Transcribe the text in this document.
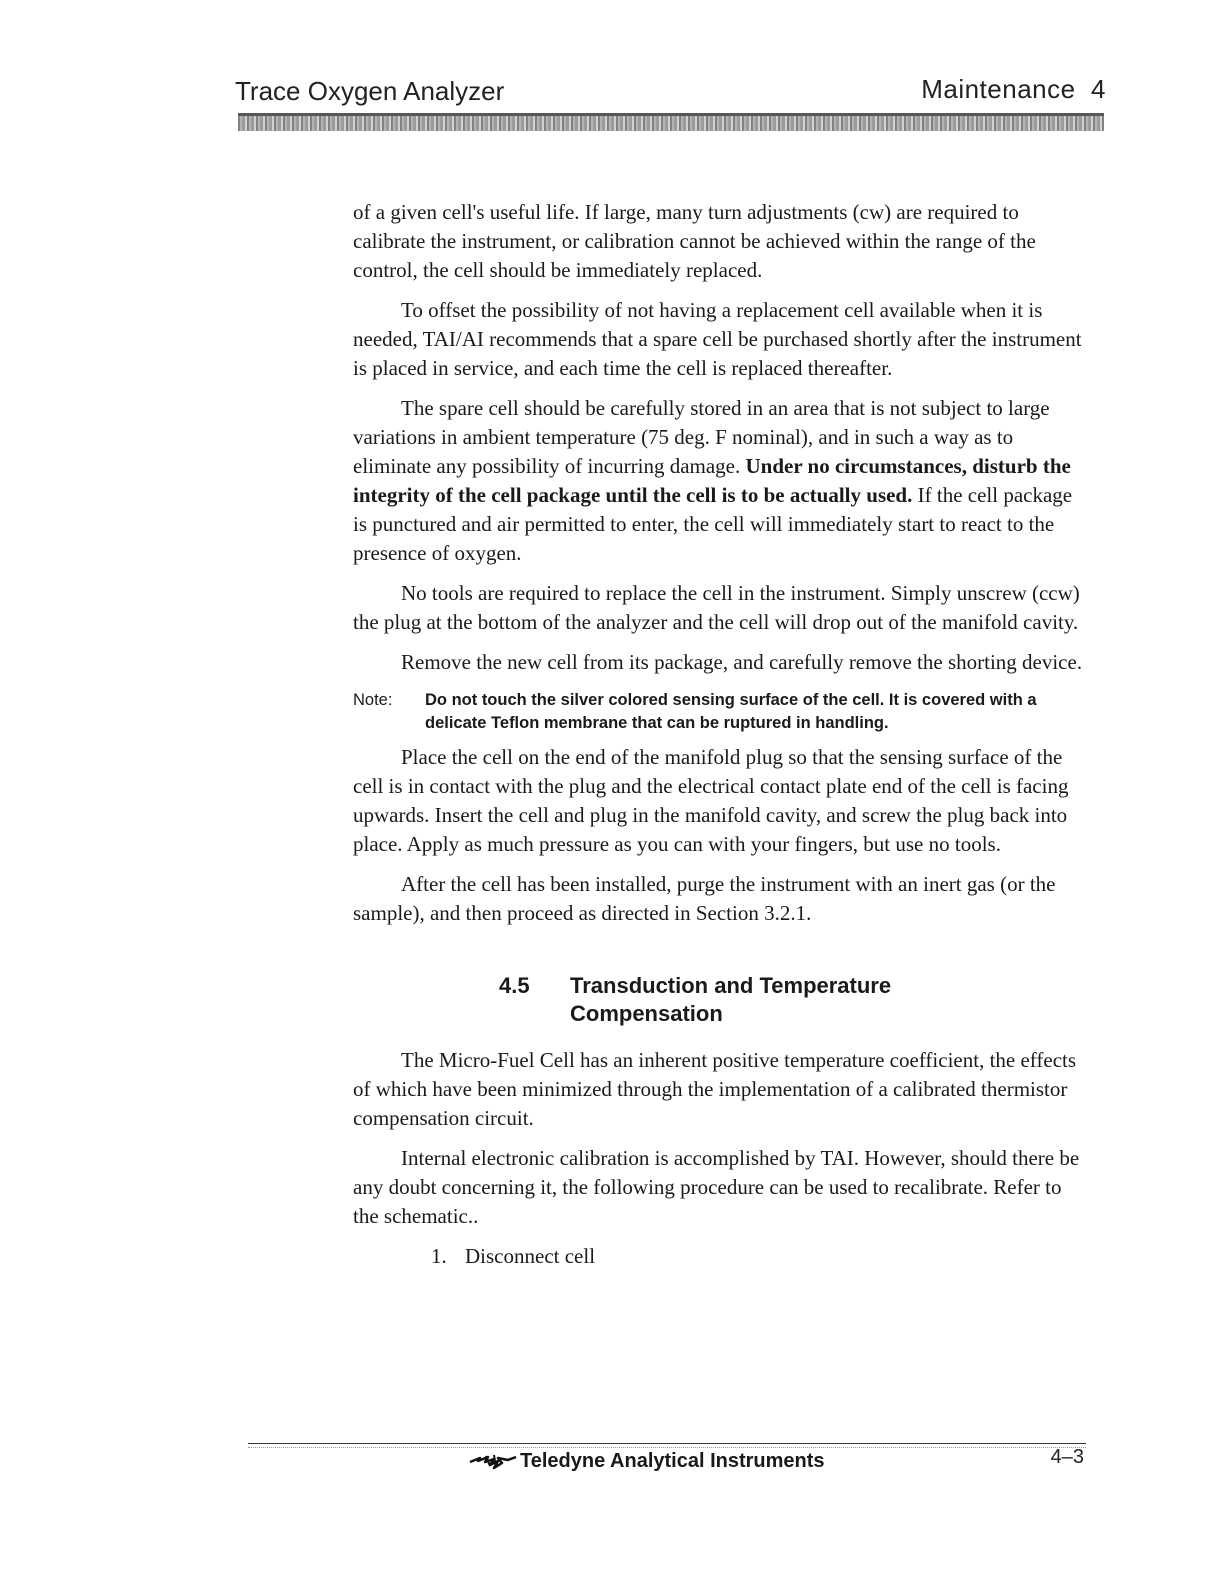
Trace Oxygen Analyzer	Maintenance  4

of a given cell's useful life. If large, many turn adjustments (cw) are required to calibrate the instrument, or calibration cannot be achieved within the range of the control, the cell should be immediately replaced.

To offset the possibility of not having a replacement cell available when it is needed, TAI/AI recommends that a spare cell be purchased shortly after the instrument is placed in service, and each time the cell is replaced thereafter.

The spare cell should be carefully stored in an area that is not subject to large variations in ambient temperature (75 deg. F nominal), and in such a way as to eliminate any possibility of incurring damage. Under no circumstances, disturb the integrity of the cell package until the cell is to be actually used. If the cell package is punctured and air permitted to enter, the cell will immediately start to react to the presence of oxygen.

No tools are required to replace the cell in the instrument. Simply unscrew (ccw) the plug at the bottom of the analyzer and the cell will drop out of the manifold cavity.

Remove the new cell from its package, and carefully remove the shorting device.

Note:	Do not touch the silver colored sensing surface of the cell. It is covered with a delicate Teflon membrane that can be ruptured in handling.

Place the cell on the end of the manifold plug so that the sensing surface of the cell is in contact with the plug and the electrical contact plate end of the cell is facing upwards. Insert the cell and plug in the manifold cavity, and screw the plug back into place. Apply as much pressure as you can with your fingers, but use no tools.

After the cell has been installed, purge the instrument with an inert gas (or the sample), and then proceed as directed in Section 3.2.1.

4.5	Transduction and Temperature Compensation

The Micro-Fuel Cell has an inherent positive temperature coefficient, the effects of which have been minimized through the implementation of a calibrated thermistor compensation circuit.

Internal electronic calibration is accomplished by TAI. However, should there be any doubt concerning it, the following procedure can be used to recalibrate. Refer to the schematic..

1. Disconnect cell
Teledyne Analytical Instruments	4–3
